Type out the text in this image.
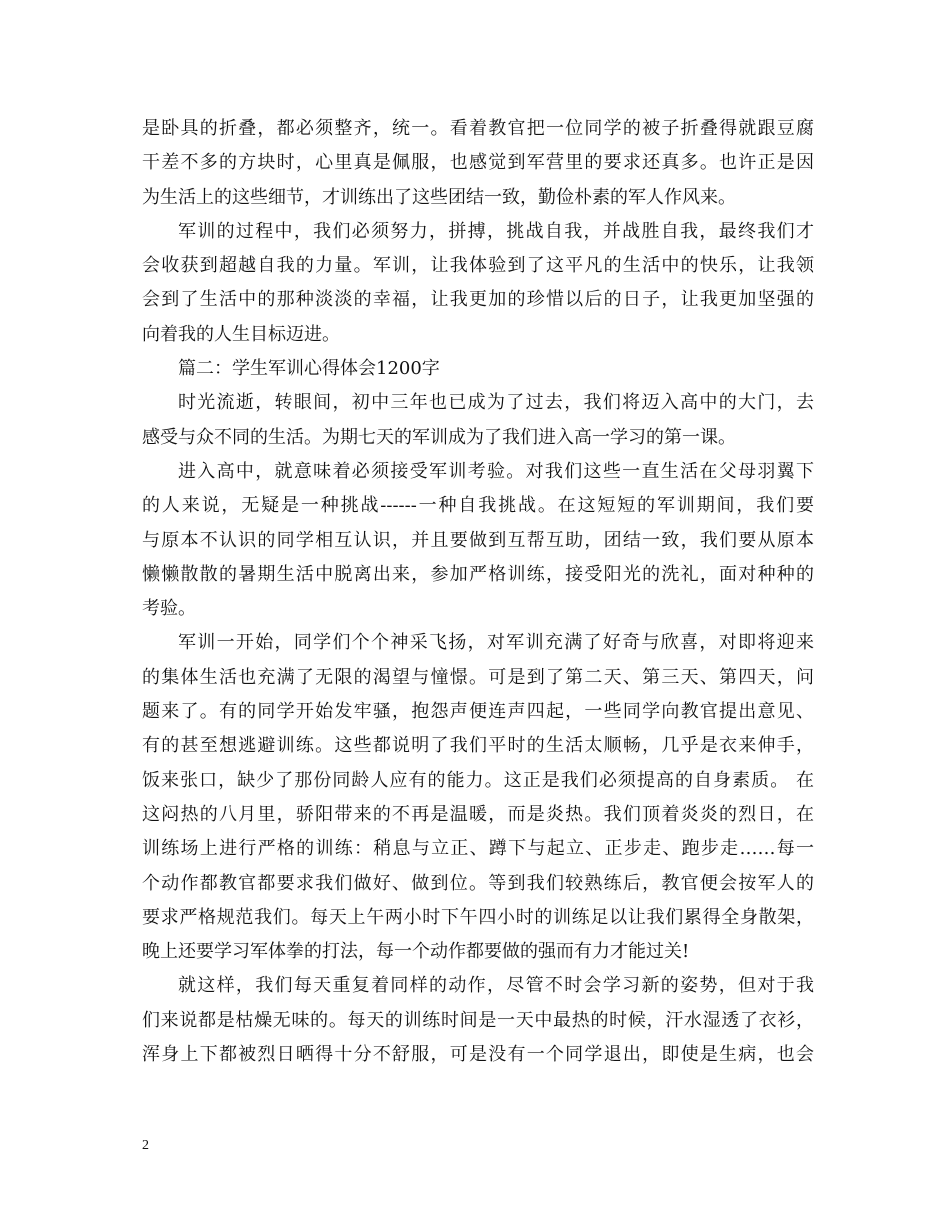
是卧具的折叠，都必须整齐，统一。看着教官把一位同学的被子折叠得就跟豆腐
干差不多的方块时，心里真是佩服，也感觉到军营里的要求还真多。也许正是因
为生活上的这些细节，才训练出了这些团结一致，勤俭朴素的军人作风来。
军训的过程中，我们必须努力，拼搏，挑战自我，并战胜自我，最终我们才
会收获到超越自我的力量。军训，让我体验到了这平凡的生活中的快乐，让我领
会到了生活中的那种淡淡的幸福，让我更加的珍惜以后的日子，让我更加坚强的
向着我的人生目标迈进。
篇二：学生军训心得体会1200字
时光流逝，转眼间，初中三年也已成为了过去，我们将迈入高中的大门，去
感受与众不同的生活。为期七天的军训成为了我们进入高一学习的第一课。
进入高中，就意味着必须接受军训考验。对我们这些一直生活在父母羽翼下
的人来说，无疑是一种挑战------一种自我挑战。在这短短的军训期间，我们要
与原本不认识的同学相互认识，并且要做到互帮互助，团结一致，我们要从原本
懒懒散散的暑期生活中脱离出来，参加严格训练，接受阳光的洗礼，面对种种的
考验。
军训一开始，同学们个个神采飞扬，对军训充满了好奇与欣喜，对即将迎来
的集体生活也充满了无限的渴望与憧憬。可是到了第二天、第三天、第四天，问
题来了。有的同学开始发牢骚，抱怨声便连声四起，一些同学向教官提出意见、
有的甚至想逃避训练。这些都说明了我们平时的生活太顺畅，几乎是衣来伸手，
饭来张口，缺少了那份同龄人应有的能力。这正是我们必须提高的自身素质。 在
这闷热的八月里，骄阳带来的不再是温暖，而是炎热。我们顶着炎炎的烈日，在
训练场上进行严格的训练：稍息与立正、蹲下与起立、正步走、跑步走……每一
个动作都教官都要求我们做好、做到位。等到我们较熟练后，教官便会按军人的
要求严格规范我们。每天上午两小时下午四小时的训练足以让我们累得全身散架，
晚上还要学习军体拳的打法，每一个动作都要做的强而有力才能过关!
就这样，我们每天重复着同样的动作，尽管不时会学习新的姿势，但对于我
们来说都是枯燥无味的。每天的训练时间是一天中最热的时候，汗水湿透了衣衫，
浑身上下都被烈日晒得十分不舒服，可是没有一个同学退出，即使是生病，也会
2
